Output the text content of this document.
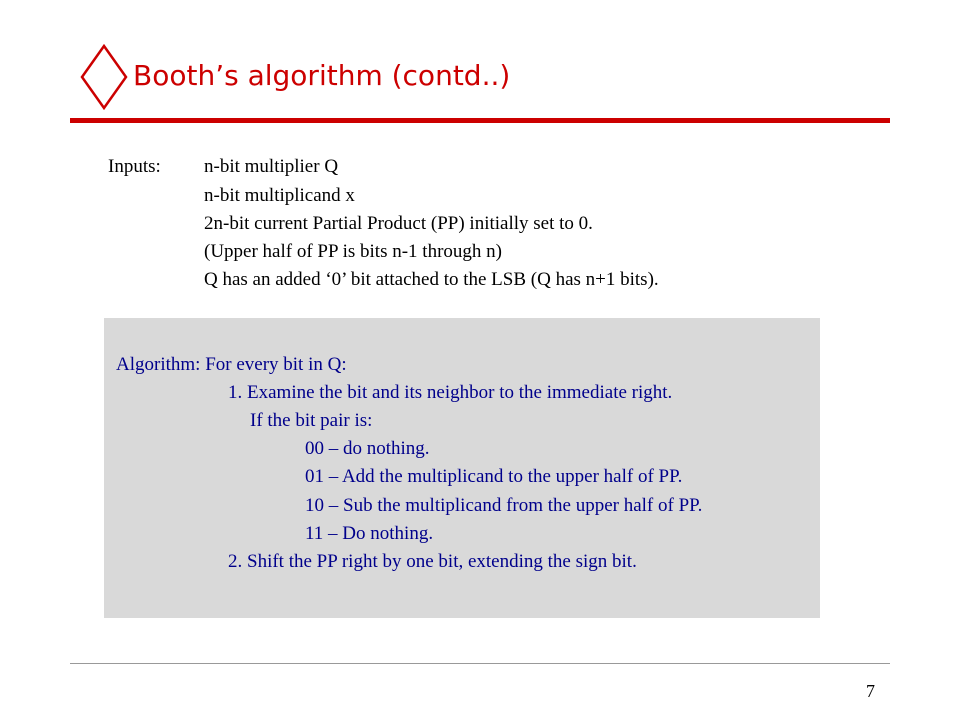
Booth’s algorithm (contd..)
Inputs: n-bit multiplier Q
n-bit multiplicand x
2n-bit current Partial Product (PP) initially set to 0.
(Upper half of PP is bits n-1 through n)
Q has an added ‘0’ bit attached to the LSB (Q has n+1 bits).
Algorithm: For every bit in Q:
1. Examine the bit and its neighbor to the immediate right.
If the bit pair is:
00 – do nothing.
01 – Add the multiplicand to the upper half of PP.
10 – Sub the multiplicand from the upper half of PP.
11 – Do nothing.
2. Shift the PP right by one bit, extending the sign bit.
7
